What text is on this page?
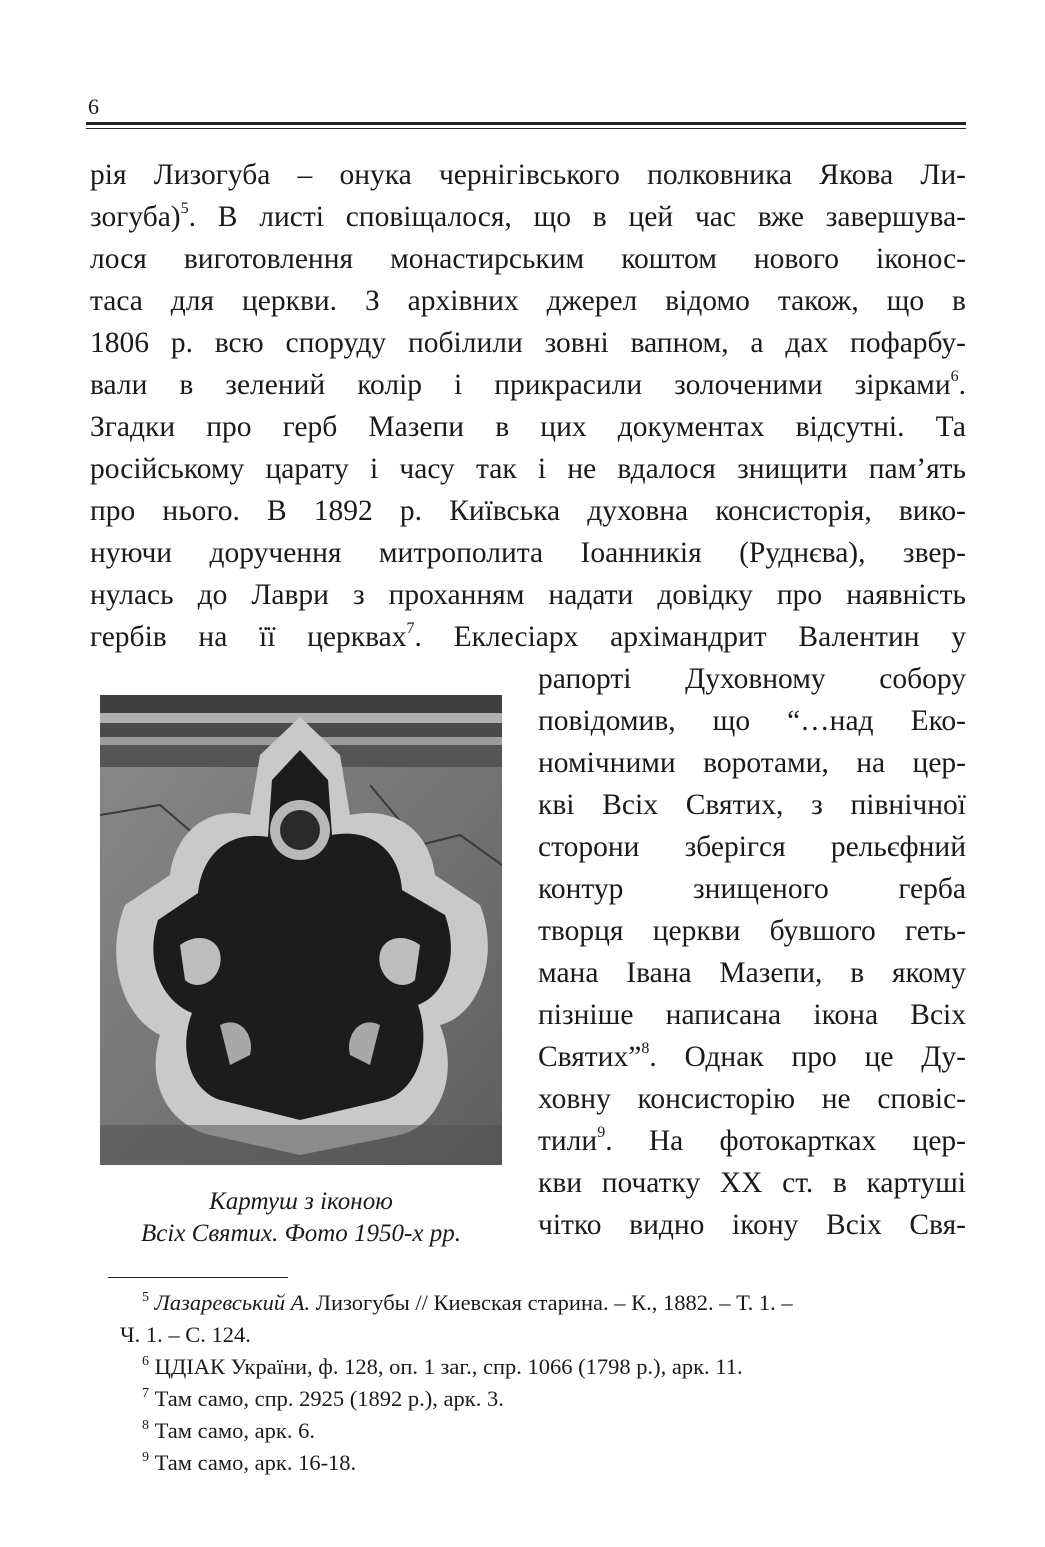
6
рія Лизогуба – онука чернігівського полковника Якова Ли-
зогуба)$^5$. В листі сповіщалося, що в цей час вже завершува-
лося виготовлення монастирським коштом нового іконос-
таса для церкви. З архівних джерел відомо також, що в
1806 р. всю споруду побілили зовні вапном, а дах пофарбу-
вали в зелений колір і прикрасили золоченими зірками$^6$.
Згадки про герб Мазепи в цих документах відсутні. Та
російському царату і часу так і не вдалося знищити пам’ять
про нього. В 1892 р. Київська духовна консисторія, вико-
нуючи доручення митрополита Іоанникія (Руднєва), звер-
нулась до Лаври з проханням надати довідку про наявність
гербів на її церквах$^7$. Еклесіарх архімандрит Валентин у
рапорті Духовному собору
повідомив, що “…над Еко-
номічними воротами, на цер-
кві Всіх Святих, з північної
сторони зберігся рельєфний
контур знищеного герба
творця церкви бувшого геть-
мана Івана Мазепи, в якому
пізніше написана ікона Всіх
Святих”$^8$. Однак про це Ду-
ховну консисторію не сповіс-
тили$^9$. На фотокартках цер-
кви початку XX ст. в картуші
чітко видно ікону Всіх Свя-
Картуш з іконою
Всіх Святих. Фото 1950-х рр.
$^5$ Лазаревський А. Лизогубы // Киевская старина. – К., 1882. – Т. 1. –
Ч. 1. – С. 124.
$^6$ ЦДІАК України, ф. 128, оп. 1 заг., спр. 1066 (1798 р.), арк. 11.
$^7$ Там само, спр. 2925 (1892 р.), арк. 3.
$^8$ Там само, арк. 6.
$^9$ Там само, арк. 16-18.
